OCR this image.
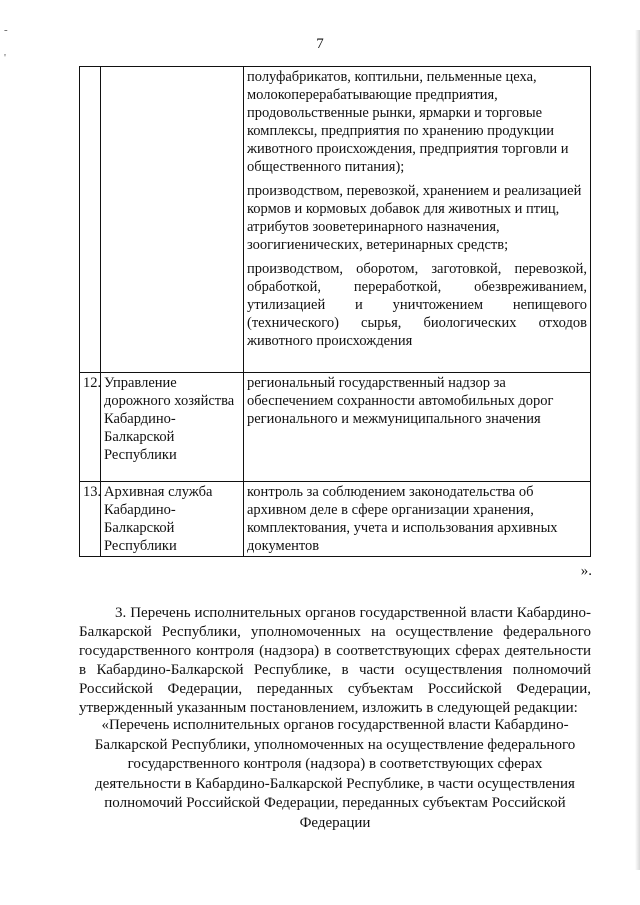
7
-
'

		полуфабрикатов, коптильни, пельменные цеха, молокоперерабатывающие предприятия, продовольственные рынки, ярмарки и торговые комплексы, предприятия по хранению продукции животного происхождения, предприятия торговли и общественного питания);

производством, перевозкой, хранением и реализацией кормов и кормовых добавок для животных и птиц, атрибутов зооветеринарного назначения, зоогигиенических, ветеринарных средств;

производством, оборотом, заготовкой, перевозкой, обработкой, переработкой, обезвреживанием, утилизацией и уничтожением непищевого (технического) сырья, биологических отходов животного происхождения

12.	Управление дорожного хозяйства Кабардино-Балкарской Республики	региональный государственный надзор за обеспечением сохранности автомобильных дорог регионального и межмуниципального значения
13.	Архивная служба Кабардино-Балкарской Республики	контроль за соблюдением законодательства об архивном деле в сфере организации хранения, комплектования, учета и использования архивных документов
».

3. Перечень исполнительных органов государственной власти Кабардино-Балкарской Республики, уполномоченных на осуществление федерального государственного контроля (надзора) в соответствующих сферах деятельности в Кабардино-Балкарской Республике, в части осуществления полномочий Российской Федерации, переданных субъектам Российской Федерации, утвержденный указанным постановлением, изложить в следующей редакции:

«Перечень исполнительных органов государственной власти Кабардино-Балкарской Республики, уполномоченных на осуществление федерального государственного контроля (надзора) в соответствующих сферах деятельности в Кабардино-Балкарской Республике, в части осуществления полномочий Российской Федерации, переданных субъектам Российской Федерации
